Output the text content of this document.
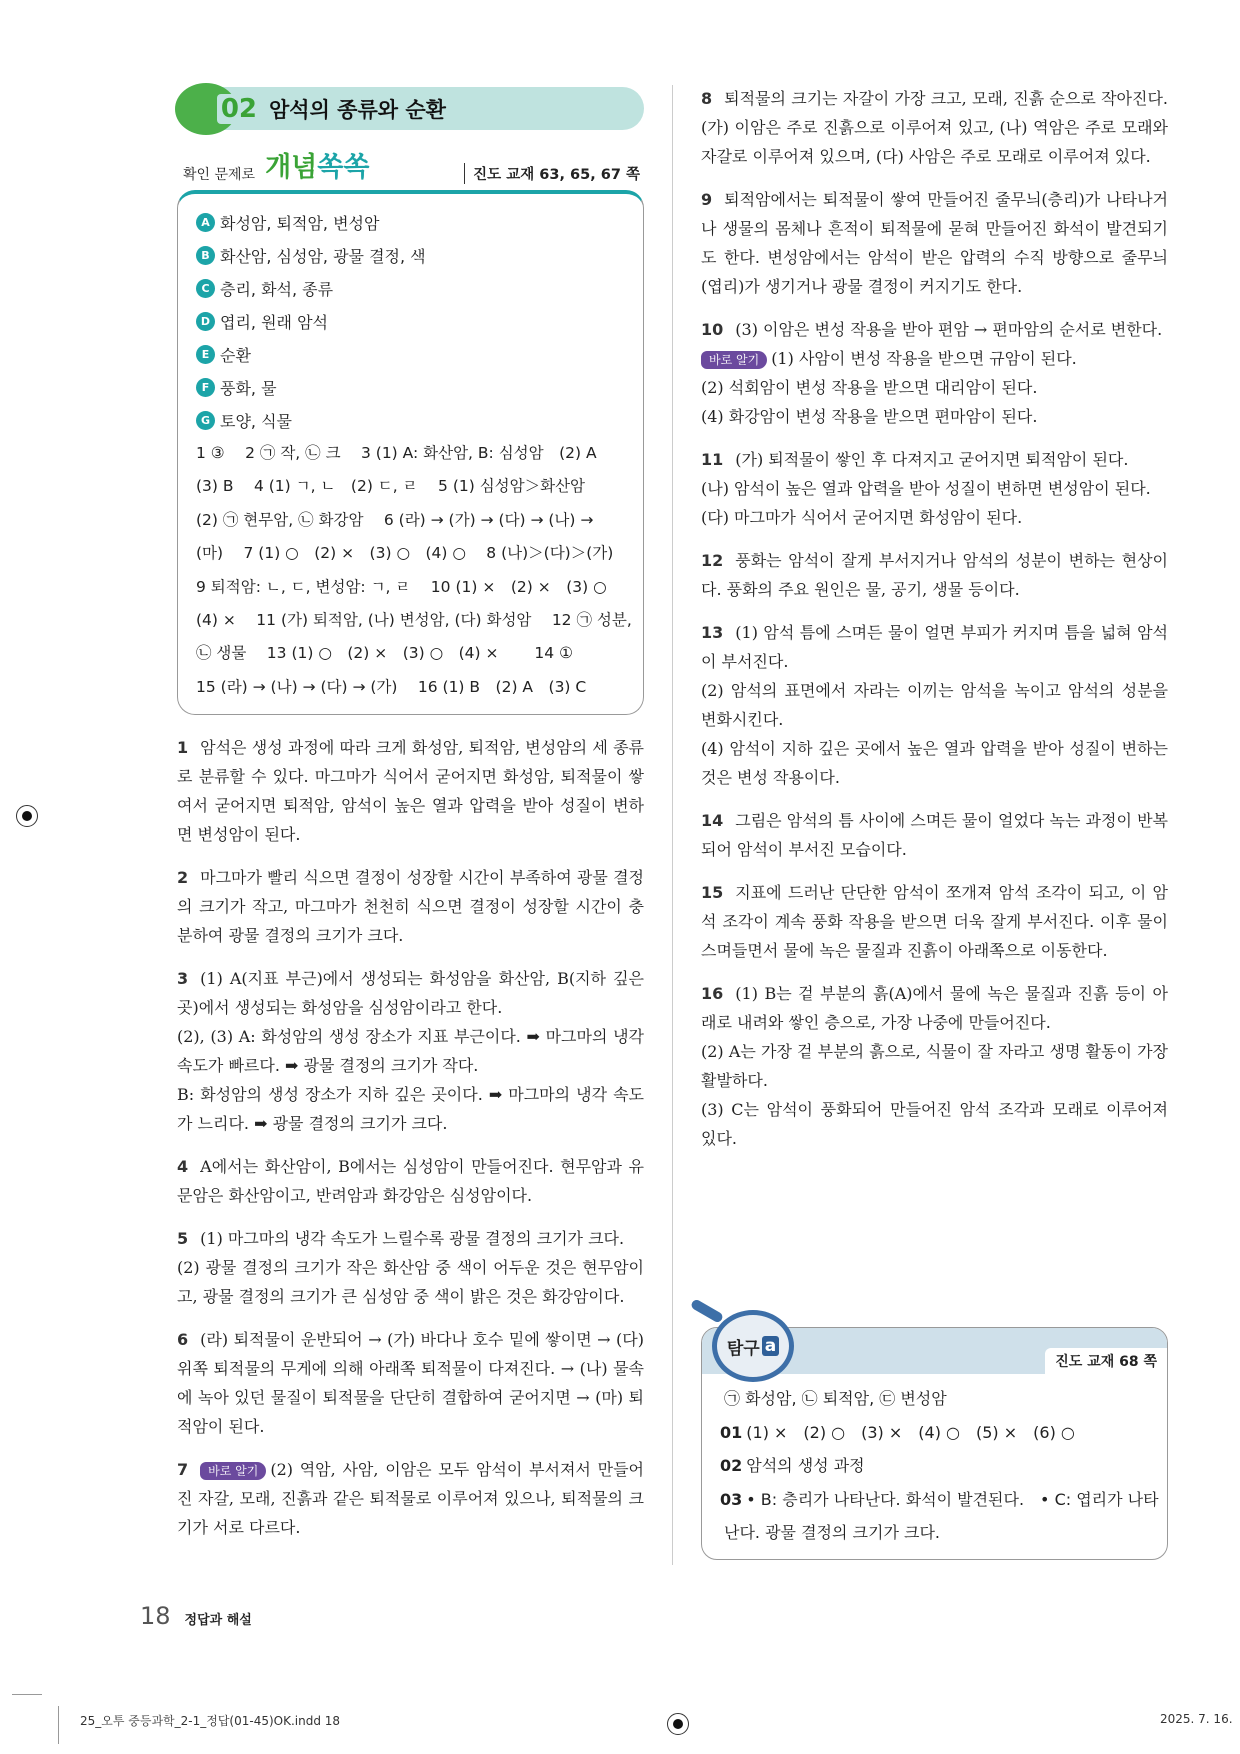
02 암석의 종류와 순환
확인 문제로 개념쏙쏙	진도 교재 63, 65, 67 쪽
A 화성암, 퇴적암, 변성암
B 화산암, 심성암, 광물 결정, 색
C 층리, 화석, 종류
D 엽리, 원래 암석
E 순환
F 풍화, 물
G 토양, 식물
1 ③　 2 ㉠ 작, ㉡ 크　 3 (1) A: 화산암, B: 심성암　(2) A
(3) B　 4 (1) ㄱ, ㄴ　(2) ㄷ, ㄹ　 5 (1) 심성암＞화산암
(2) ㉠ 현무암, ㉡ 화강암　 6 (라) → (가) → (다) → (나) →
(마)　 7 (1) ○　(2) ×　(3) ○　(4) ○　 8 (나)＞(다)＞(가)
9 퇴적암: ㄴ, ㄷ, 변성암: ㄱ, ㄹ　 10 (1) ×　(2) ×　(3) ○
(4) ×　 11 (가) 퇴적암, (나) 변성암, (다) 화성암　 12 ㉠ 성분,
㉡ 생물　 13 (1) ○　(2) ×　(3) ○　(4) ×　　 14 ①
15 (라) → (나) → (다) → (가)　 16 (1) B　(2) A　(3) C
1 암석은 생성 과정에 따라 크게 화성암, 퇴적암, 변성암의 세 종류로 분류할 수 있다. 마그마가 식어서 굳어지면 화성암, 퇴적물이 쌓여서 굳어지면 퇴적암, 암석이 높은 열과 압력을 받아 성질이 변하면 변성암이 된다.
2 마그마가 빨리 식으면 결정이 성장할 시간이 부족하여 광물 결정의 크기가 작고, 마그마가 천천히 식으면 결정이 성장할 시간이 충분하여 광물 결정의 크기가 크다.
3 (1) A(지표 부근)에서 생성되는 화성암을 화산암, B(지하 깊은 곳)에서 생성되는 화성암을 심성암이라고 한다.
(2), (3) A: 화성암의 생성 장소가 지표 부근이다. ➡ 마그마의 냉각 속도가 빠르다. ➡ 광물 결정의 크기가 작다.
B: 화성암의 생성 장소가 지하 깊은 곳이다. ➡ 마그마의 냉각 속도가 느리다. ➡ 광물 결정의 크기가 크다.
4 A에서는 화산암이, B에서는 심성암이 만들어진다. 현무암과 유문암은 화산암이고, 반려암과 화강암은 심성암이다.
5 (1) 마그마의 냉각 속도가 느릴수록 광물 결정의 크기가 크다.
(2) 광물 결정의 크기가 작은 화산암 중 색이 어두운 것은 현무암이고, 광물 결정의 크기가 큰 심성암 중 색이 밝은 것은 화강암이다.
6 (라) 퇴적물이 운반되어 → (가) 바다나 호수 밑에 쌓이면 → (다) 위쪽 퇴적물의 무게에 의해 아래쪽 퇴적물이 다져진다. → (나) 물속에 녹아 있던 물질이 퇴적물을 단단히 결합하여 굳어지면 → (마) 퇴적암이 된다.
7 바로 알기 (2) 역암, 사암, 이암은 모두 암석이 부서져서 만들어진 자갈, 모래, 진흙과 같은 퇴적물로 이루어져 있으나, 퇴적물의 크기가 서로 다르다.
8 퇴적물의 크기는 자갈이 가장 크고, 모래, 진흙 순으로 작아진다. (가) 이암은 주로 진흙으로 이루어져 있고, (나) 역암은 주로 모래와 자갈로 이루어져 있으며, (다) 사암은 주로 모래로 이루어져 있다.
9 퇴적암에서는 퇴적물이 쌓여 만들어진 줄무늬(층리)가 나타나거나 생물의 몸체나 흔적이 퇴적물에 묻혀 만들어진 화석이 발견되기도 한다. 변성암에서는 암석이 받은 압력의 수직 방향으로 줄무늬(엽리)가 생기거나 광물 결정이 커지기도 한다.
10 (3) 이암은 변성 작용을 받아 편암 → 편마암의 순서로 변한다.
바로 알기 (1) 사암이 변성 작용을 받으면 규암이 된다.
(2) 석회암이 변성 작용을 받으면 대리암이 된다.
(4) 화강암이 변성 작용을 받으면 편마암이 된다.
11 (가) 퇴적물이 쌓인 후 다져지고 굳어지면 퇴적암이 된다.
(나) 암석이 높은 열과 압력을 받아 성질이 변하면 변성암이 된다.
(다) 마그마가 식어서 굳어지면 화성암이 된다.
12 풍화는 암석이 잘게 부서지거나 암석의 성분이 변하는 현상이다. 풍화의 주요 원인은 물, 공기, 생물 등이다.
13 (1) 암석 틈에 스며든 물이 얼면 부피가 커지며 틈을 넓혀 암석이 부서진다.
(2) 암석의 표면에서 자라는 이끼는 암석을 녹이고 암석의 성분을 변화시킨다.
(4) 암석이 지하 깊은 곳에서 높은 열과 압력을 받아 성질이 변하는 것은 변성 작용이다.
14 그림은 암석의 틈 사이에 스며든 물이 얼었다 녹는 과정이 반복되어 암석이 부서진 모습이다.
15 지표에 드러난 단단한 암석이 쪼개져 암석 조각이 되고, 이 암석 조각이 계속 풍화 작용을 받으면 더욱 잘게 부서진다. 이후 물이 스며들면서 물에 녹은 물질과 진흙이 아래쪽으로 이동한다.
16 (1) B는 겉 부분의 흙(A)에서 물에 녹은 물질과 진흙 등이 아래로 내려와 쌓인 층으로, 가장 나중에 만들어진다.
(2) A는 가장 겉 부분의 흙으로, 식물이 잘 자라고 생명 활동이 가장 활발하다.
(3) C는 암석이 풍화되어 만들어진 암석 조각과 모래로 이루어져 있다.
탐구 a
진도 교재 68 쪽
㉠ 화성암, ㉡ 퇴적암, ㉢ 변성암
01 (1) ×　(2) ○　(3) ×　(4) ○　(5) ×　(6) ○
02 암석의 생성 과정
03 • B: 층리가 나타난다. 화석이 발견된다.　• C: 엽리가 나타
난다. 광물 결정의 크기가 크다.
18 정답과 해설
25_오투 중등과학_2-1_정답(01-45)OK.indd 18	2025. 7. 16.
